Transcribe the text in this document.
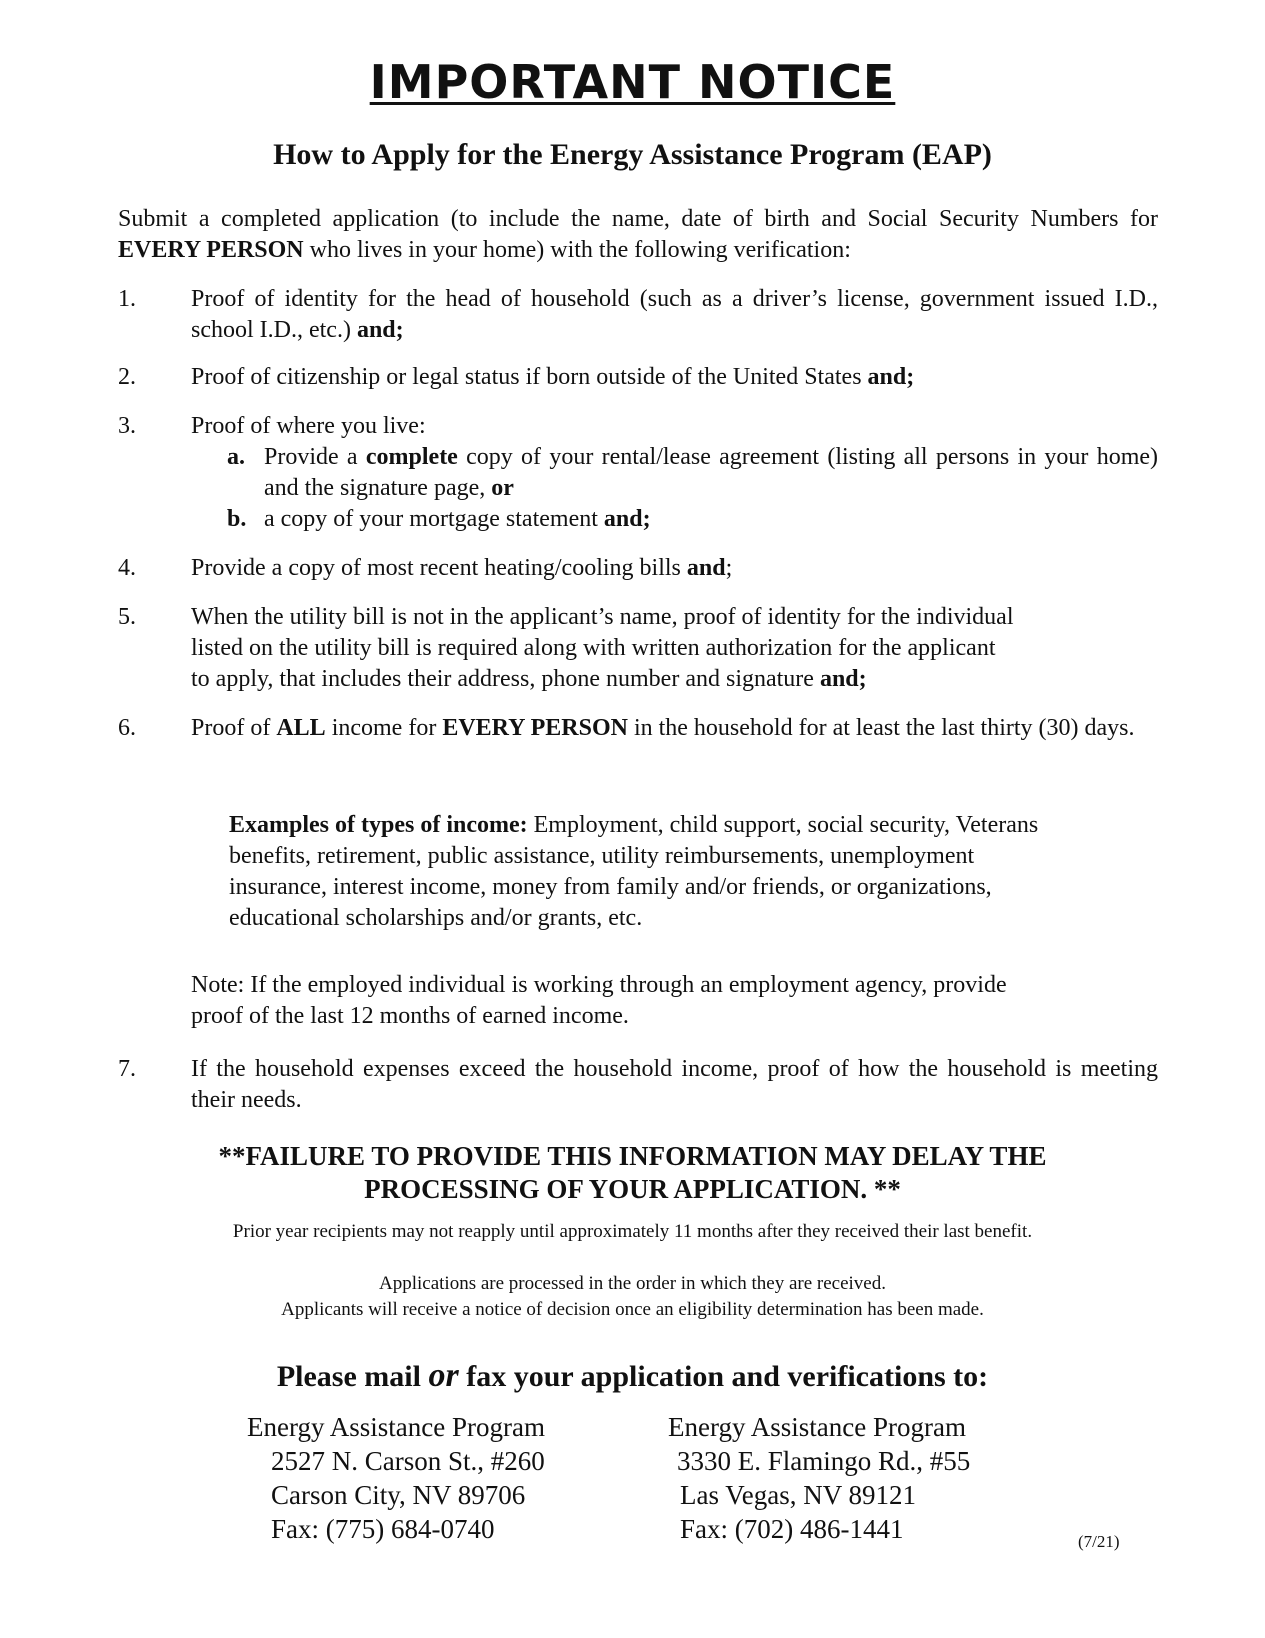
IMPORTANT NOTICE
How to Apply for the Energy Assistance Program (EAP)
Submit a completed application (to include the name, date of birth and Social Security Numbers for EVERY PERSON who lives in your home) with the following verification:
1.	Proof of identity for the head of household (such as a driver’s license, government issued I.D., school I.D., etc.) and;
2.	Proof of citizenship or legal status if born outside of the United States and;
3.	Proof of where you live:
a. Provide a complete copy of your rental/lease agreement (listing all persons in your home) and the signature page, or
b. a copy of your mortgage statement and;
4.	Provide a copy of most recent heating/cooling bills and;
5.	When the utility bill is not in the applicant’s name, proof of identity for the individual
listed on the utility bill is required along with written authorization for the applicant
to apply, that includes their address, phone number and signature and;
6.	Proof of ALL income for EVERY PERSON in the household for at least the last thirty (30) days.
Examples of types of income: Employment, child support, social security, Veterans
benefits, retirement, public assistance, utility reimbursements, unemployment
insurance, interest income, money from family and/or friends, or organizations,
educational scholarships and/or grants, etc.
Note: If the employed individual is working through an employment agency, provide
proof of the last 12 months of earned income.
7.	If the household expenses exceed the household income, proof of how the household is meeting their needs.
**FAILURE TO PROVIDE THIS INFORMATION MAY DELAY THE
PROCESSING OF YOUR APPLICATION. **
Prior year recipients may not reapply until approximately 11 months after they received their last benefit.
Applications are processed in the order in which they are received.
Applicants will receive a notice of decision once an eligibility determination has been made.
Please mail or fax your application and verifications to:
Energy Assistance Program
2527 N. Carson St., #260
Carson City, NV 89706
Fax: (775) 684-0740
Energy Assistance Program
3330 E. Flamingo Rd., #55
Las Vegas, NV 89121
Fax: (702) 486-1441	(7/21)
